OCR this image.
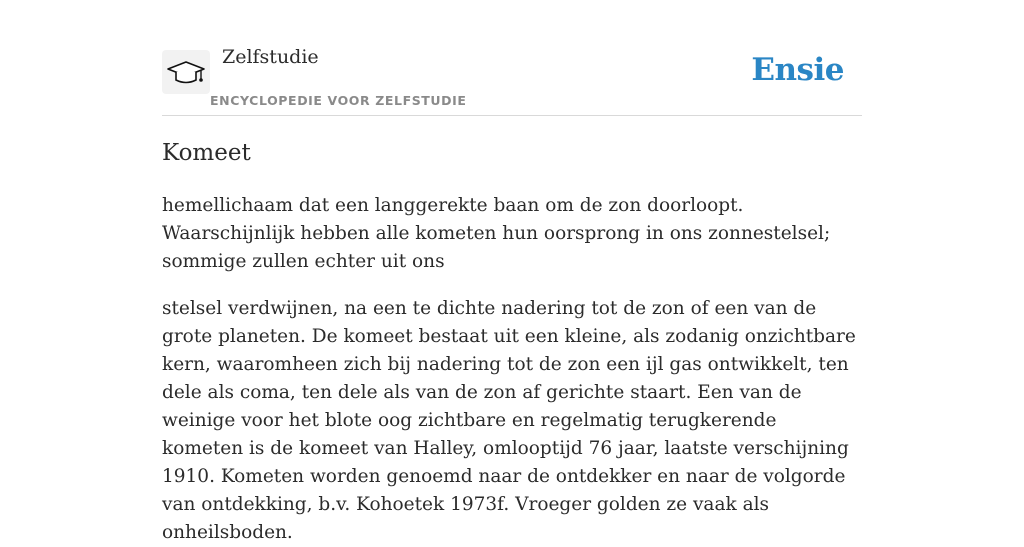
Zelfstudie
ENCYCLOPEDIE VOOR ZELFSTUDIE
Ensie
Komeet

hemellichaam dat een langgerekte baan om de zon doorloopt. Waarschijnlijk hebben alle kometen hun oorsprong in ons zonnestelsel; sommige zullen echter uit ons

stelsel verdwijnen, na een te dichte nadering tot de zon of een van de grote planeten. De komeet bestaat uit een kleine, als zodanig onzichtbare kern, waaromheen zich bij nadering tot de zon een ijl gas ontwikkelt, ten dele als coma, ten dele als van de zon af gerichte staart. Een van de weinige voor het blote oog zichtbare en regelmatig terugkerende kometen is de komeet van Halley, omlooptijd 76 jaar, laatste verschijning 1910. Kometen worden genoemd naar de ontdekker en naar de volgorde van ontdekking, b.v. Kohoetek 1973f. Vroeger golden ze vaak als onheilsboden.
